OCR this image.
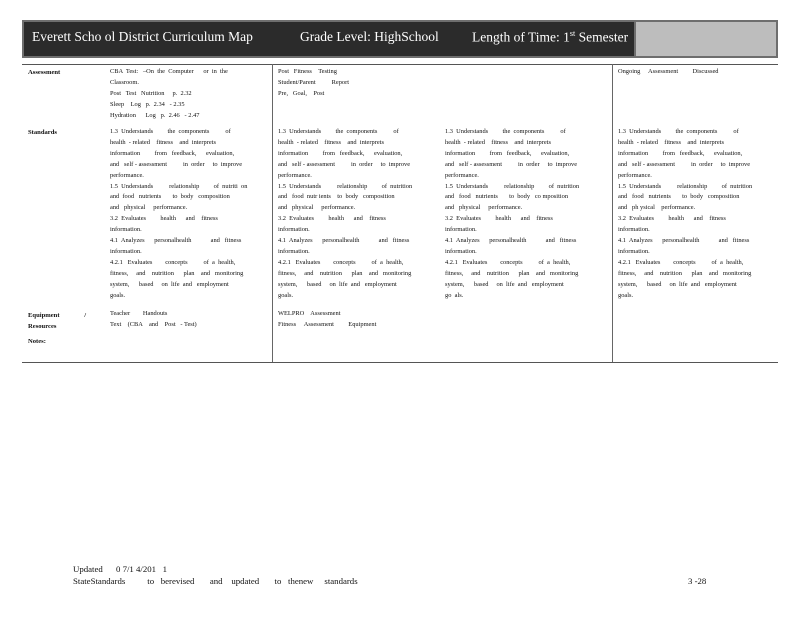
Everett Scho ol District Curriculum Map	Grade Level: HighSchool Length of Time: 1st Semester
Assessment
Standards
Equipment               /
Resources
Notes:
CBA  Test:   –On  the  Computer      or  in  the
Classroom.
Post   Test   Nutrition     p.  2.32
Sleep    Log   p.  2.34   - 2.35
Hydration      Log   p.  2.46   - 2.47
Post   Fitness    Testing
Student/Parent          Report
Pre,   Goal,    Post
Ongoing     Assessment         Discussed
1.3  Understands         the  components          of
health  - related    fitness    and  interprets
information         from   feedback,      evaluation,
and   self - assessment          in  order     to  improve
performance.
1.5  Understands          relationship         of  nutriti  on
and  food   nutrients       to  body   composition
and   physical     performance.
3.2  Evaluates         health      and    fitness
information.
4.1  Analyzes      personalhealth            and   fitness
information.
4.2.1   Evaluates        concepts          of  a  health,
fitness,     and    nutrition      plan    and   monitoring
system,      based     on  life  and   employment
goals.
1.3  Understands         the  components          of
health  - related    fitness    and  interprets
information         from   feedback,      evaluation,
and   self - assessment          in  order     to  improve
performance.
1.5  Understands          relationship         of  nutrition
and   food  nutr ients    to  body   composition
and   physical     performance.
3.2  Evaluates         health      and    fitness
information.
4.1  Analyzes      personalhealth            and   fitness
information.
4.2.1   Evaluates        concepts          of  a  health,
fitness,     and    nutrition      plan    and   monitoring
system,      based     on  life  and   employment
goals.
1.3  Understands         the  components          of
health  - related    fitness    and  interprets
information         from   feedback,      evaluation,
and   self - assessment          in  order     to  improve
performance.
1.5  Understands          relationship         of  nutrition
and   food   nutrients       to  body   co mposition
and   physical     performance.
3.2  Evaluates         health      and    fitness
information.
4.1  Analyzes      personalhealth            and   fitness
information.
4.2.1   Evaluates        concepts          of  a  health,
fitness,     and    nutrition      plan    and   monitoring
system,      based     on  life  and   employment
go  als.
1.3  Understands         the  components          of
health  - related    fitness    and  interprets
information         from   feedback,      evaluation,
and   self - assessment          in  order     to  improve
performance.
1.5  Understands          relationship         of  nutrition
and   food   nutrients       to  body   composition
and   ph ysical    performance.
3.2  Evaluates         health      and    fitness
information.
4.1  Analyzes      personalhealth            and   fitness
information.
4.2.1   Evaluates        concepts          of  a  health,
fitness,     and    nutrition      plan    and   monitoring
system,      based     on  life  and   employment
goals.
Teacher        Handouts
Text    (CBA    and    Post   - Test)
WELPRO    Assessment
Fitness     Assessment         Equipment
Updated      0 7/1 4/201   1
StateStandards          to   berevised       and    updated       to   thenew     standards	3 -28
